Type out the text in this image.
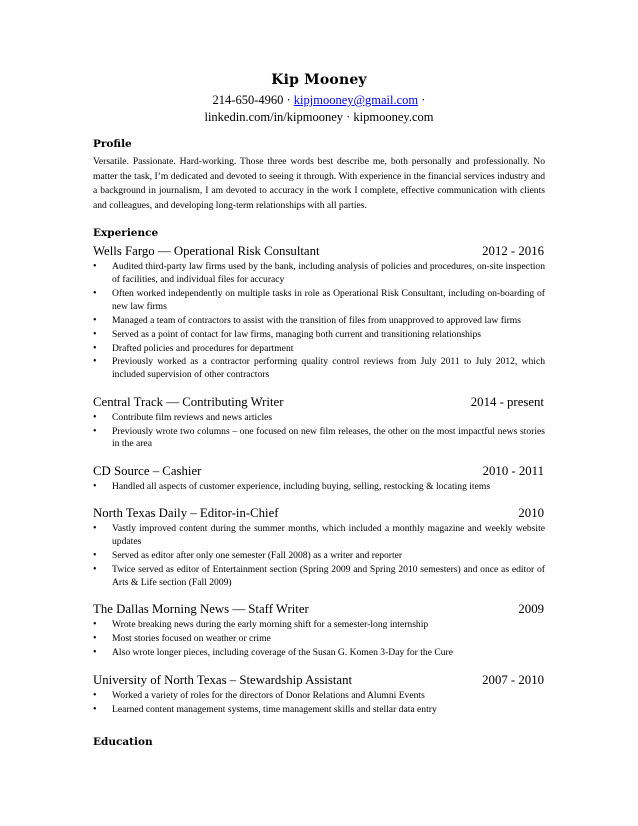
Kip Mooney
214-650-4960 · kipjmooney@gmail.com ·
linkedin.com/in/kipmooney · kipmooney.com
Profile

Versatile. Passionate. Hard-working. Those three words best describe me, both personally and professionally. No matter the task, I’m dedicated and devoted to seeing it through. With experience in the financial services industry and a background in journalism, I am devoted to accuracy in the work I complete, effective communication with clients and colleagues, and developing long-term relationships with all parties.

Experience
Wells Fargo — Operational Risk Consultant	2012 - 2016
• Audited third-party law firms used by the bank, including analysis of policies and procedures, on-site inspection of facilities, and individual files for accuracy
• Often worked independently on multiple tasks in role as Operational Risk Consultant, including on-boarding of new law firms
• Managed a team of contractors to assist with the transition of files from unapproved to approved law firms
• Served as a point of contact for law firms, managing both current and transitioning relationships
• Drafted policies and procedures for department
• Previously worked as a contractor performing quality control reviews from July 2011 to July 2012, which included supervision of other contractors
Central Track — Contributing Writer	2014 - present
• Contribute film reviews and news articles
• Previously wrote two columns – one focused on new film releases, the other on the most impactful news stories in the area
CD Source – Cashier	2010 - 2011
• Handled all aspects of customer experience, including buying, selling, restocking & locating items
North Texas Daily – Editor-in-Chief	2010
• Vastly improved content during the summer months, which included a monthly magazine and weekly website updates
• Served as editor after only one semester (Fall 2008) as a writer and reporter
• Twice served as editor of Entertainment section (Spring 2009 and Spring 2010 semesters) and once as editor of Arts & Life section (Fall 2009)
The Dallas Morning News — Staff Writer	2009
• Wrote breaking news during the early morning shift for a semester-long internship
• Most stories focused on weather or crime
• Also wrote longer pieces, including coverage of the Susan G. Komen 3-Day for the Cure
University of North Texas – Stewardship Assistant	2007 - 2010
• Worked a variety of roles for the directors of Donor Relations and Alumni Events
• Learned content management systems, time management skills and stellar data entry
Education
